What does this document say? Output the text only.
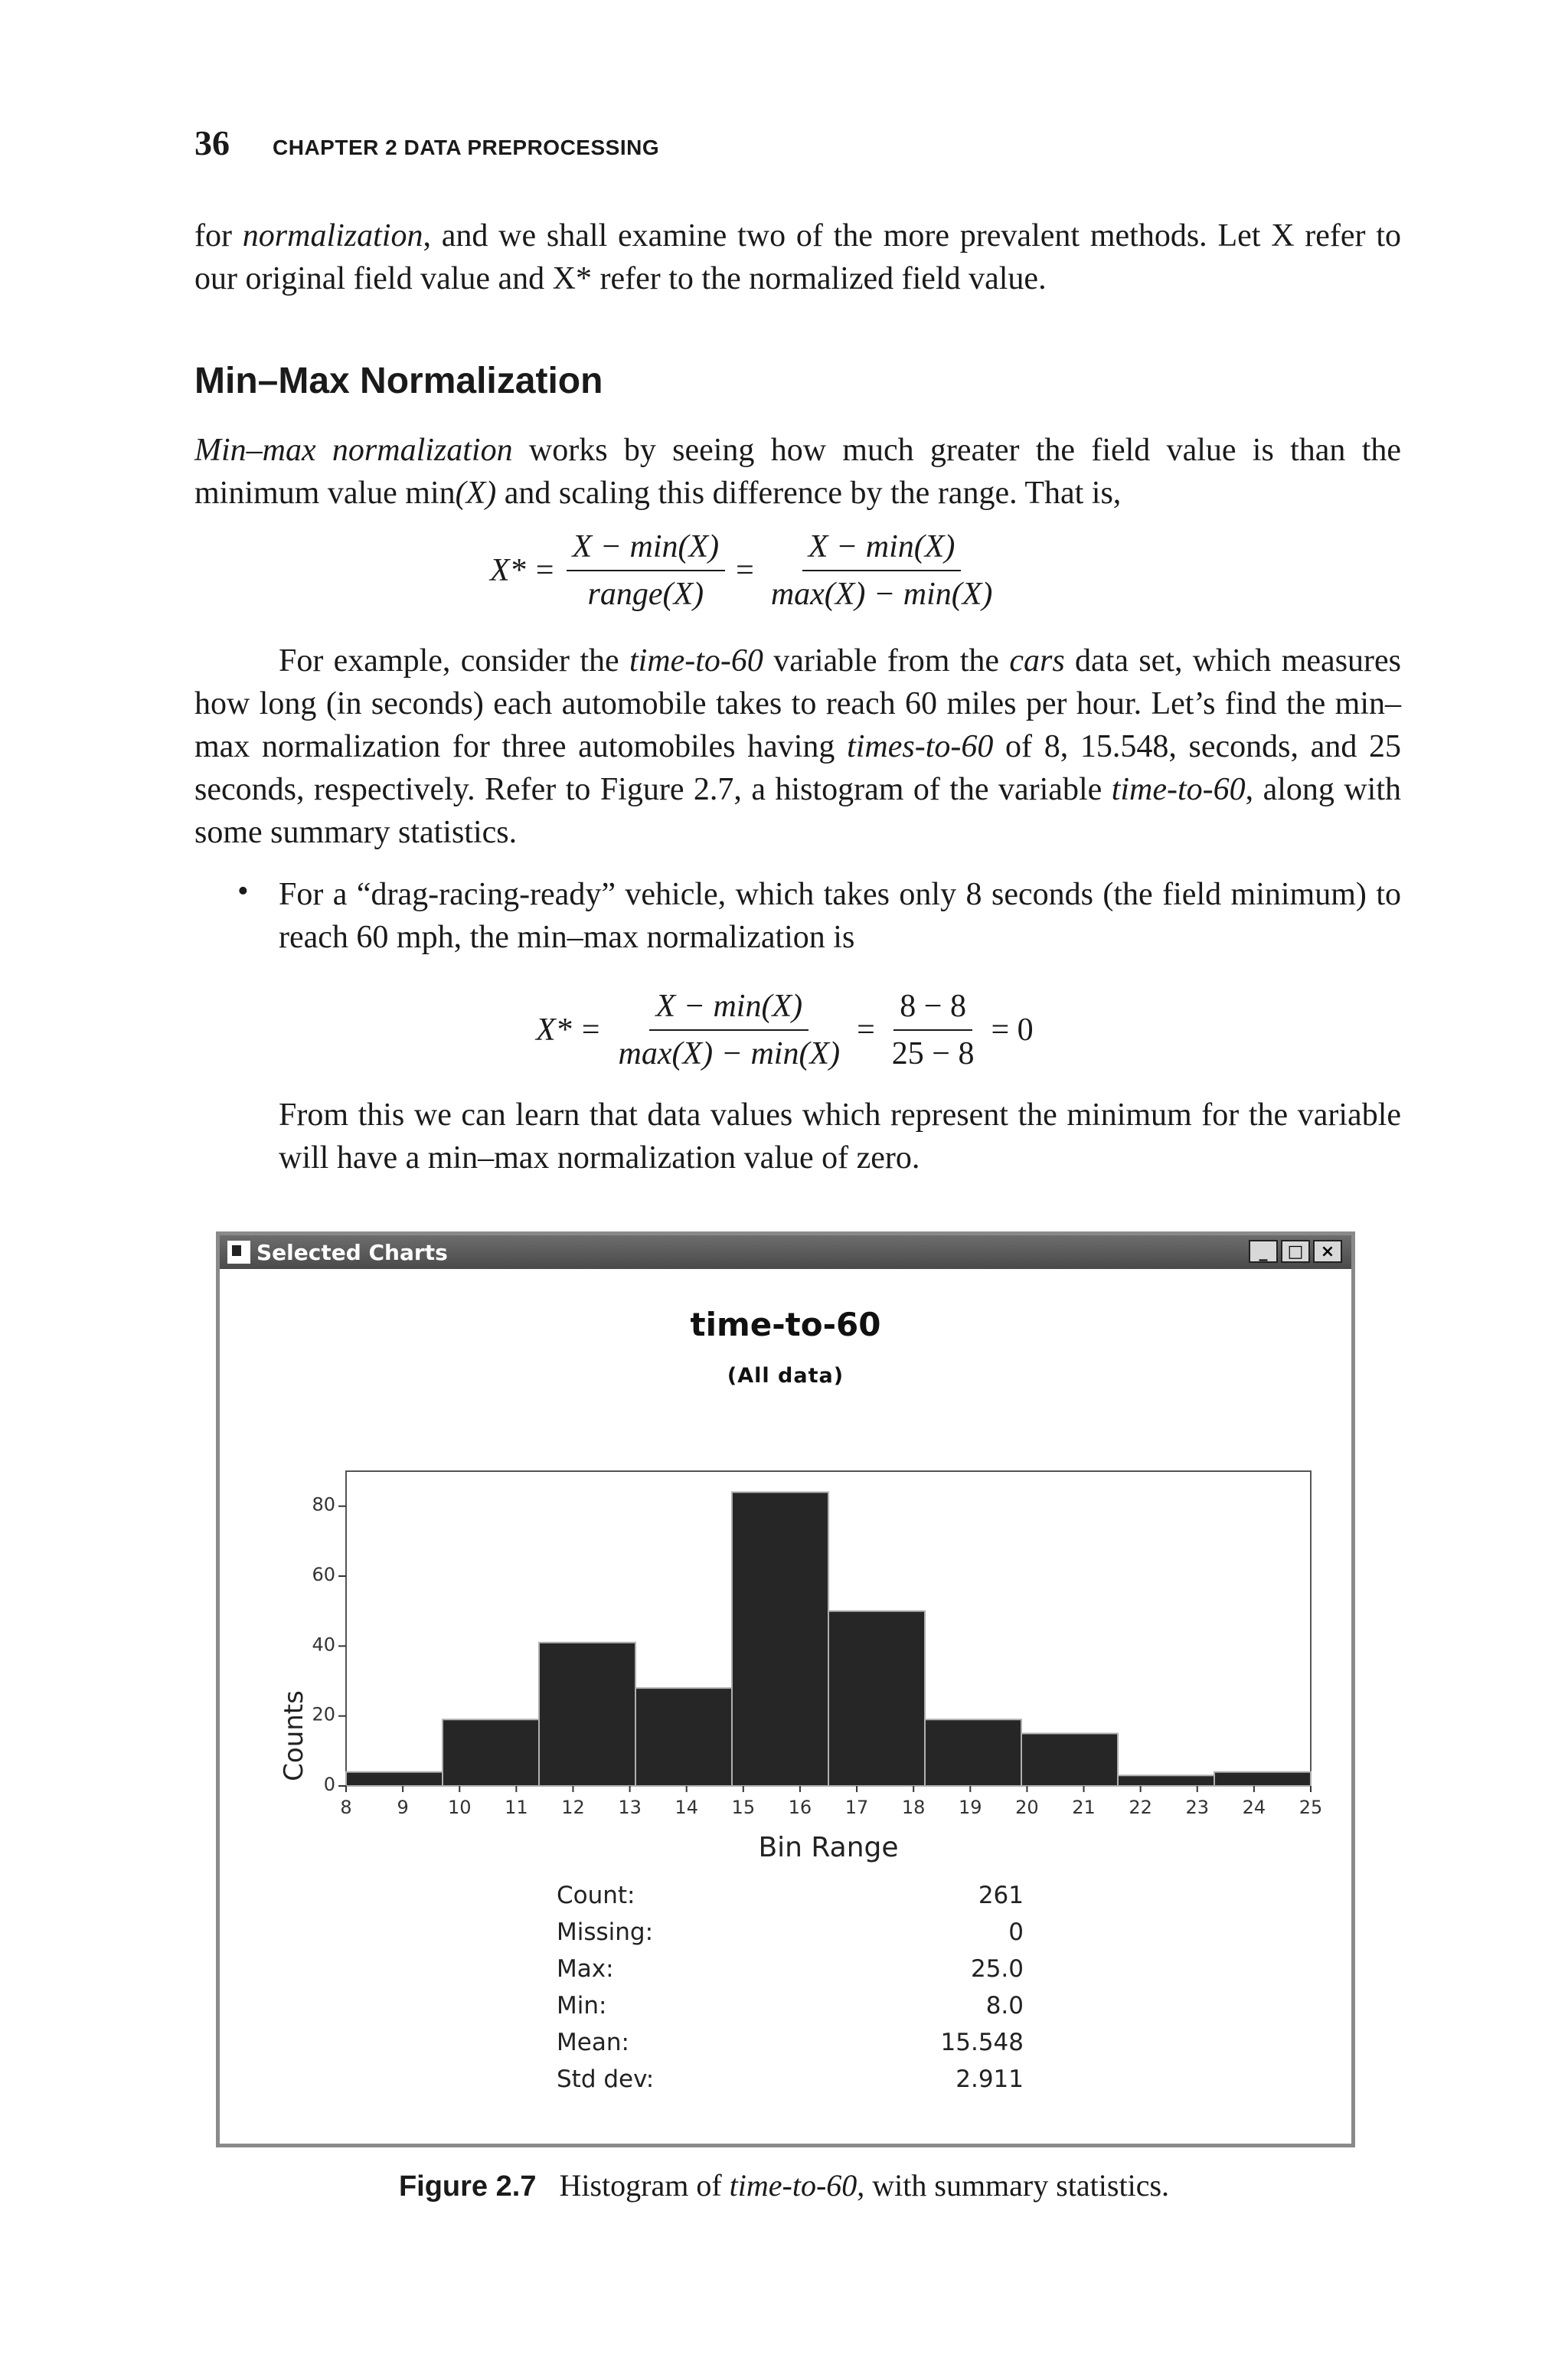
36 CHAPTER 2 DATA PREPROCESSING
for normalization, and we shall examine two of the more prevalent methods. Let X refer to our original field value and X* refer to the normalized field value.
Min–Max Normalization
Min–max normalization works by seeing how much greater the field value is than the minimum value min(X) and scaling this difference by the range. That is,
$X* = \frac{X - \min(X)}{\text{range(X)}} = \frac{X - \min(X)}{\max(X) - \min(X)}$
For example, consider the time-to-60 variable from the cars data set, which measures how long (in seconds) each automobile takes to reach 60 miles per hour. Let’s find the min–max normalization for three automobiles having times-to-60 of 8, 15.548, seconds, and 25 seconds, respectively. Refer to Figure 2.7, a histogram of the variable time-to-60, along with some summary statistics.
• For a “drag-racing-ready” vehicle, which takes only 8 seconds (the field minimum) to reach 60 mph, the min–max normalization is
$X* = \frac{X - \min(X)}{\max(X) - \min(X)} = \frac{8 - 8}{25 - 8} = 0$
From this we can learn that data values which represent the minimum for the variable will have a min–max normalization value of zero.
Selected Charts	_	□	×
time-to-60
(All data)
0
20
40
60
80
8 9 10 11 12 13 14 15 16 17 18 19 20 21 22 23 24 25
Bin Range
Counts
Count:	261
Missing:	0
Max:	25.0
Min:	8.0
Mean:	15.548
Std dev:	2.911
Figure 2.7 Histogram of time-to-60, with summary statistics.
